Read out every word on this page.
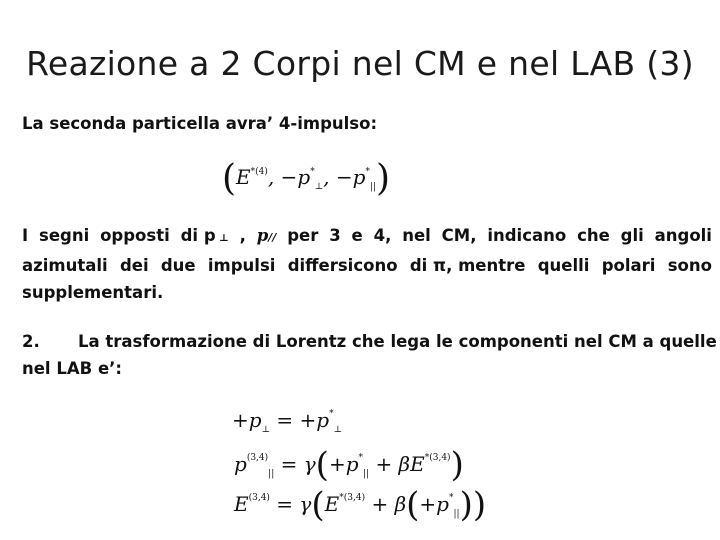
Reazione a 2 Corpi nel CM e nel LAB (3)
La seconda particella avra’ 4-impulso:
($E^{*(4)}$, $-p^*_\perp$, $-p^*_{||}$)
I segni opposti di p ⊥ , p// per 3 e 4, nel CM, indicano che gli angoli
azimutali dei due impulsi differsicono di π, mentre quelli polari sono
supplementari.
2. La trasformazione di Lorentz che lega le componenti nel CM a quelle
nel LAB e’:
$+p_\perp = +p^*_\perp$
$p^{(3,4)}_{||} = \gamma(+p^*_{||} + \beta E^{*(3,4)})$
$E^{(3,4)} = \gamma(E^{*(3,4)} + \beta(+p^*_{||}))$
